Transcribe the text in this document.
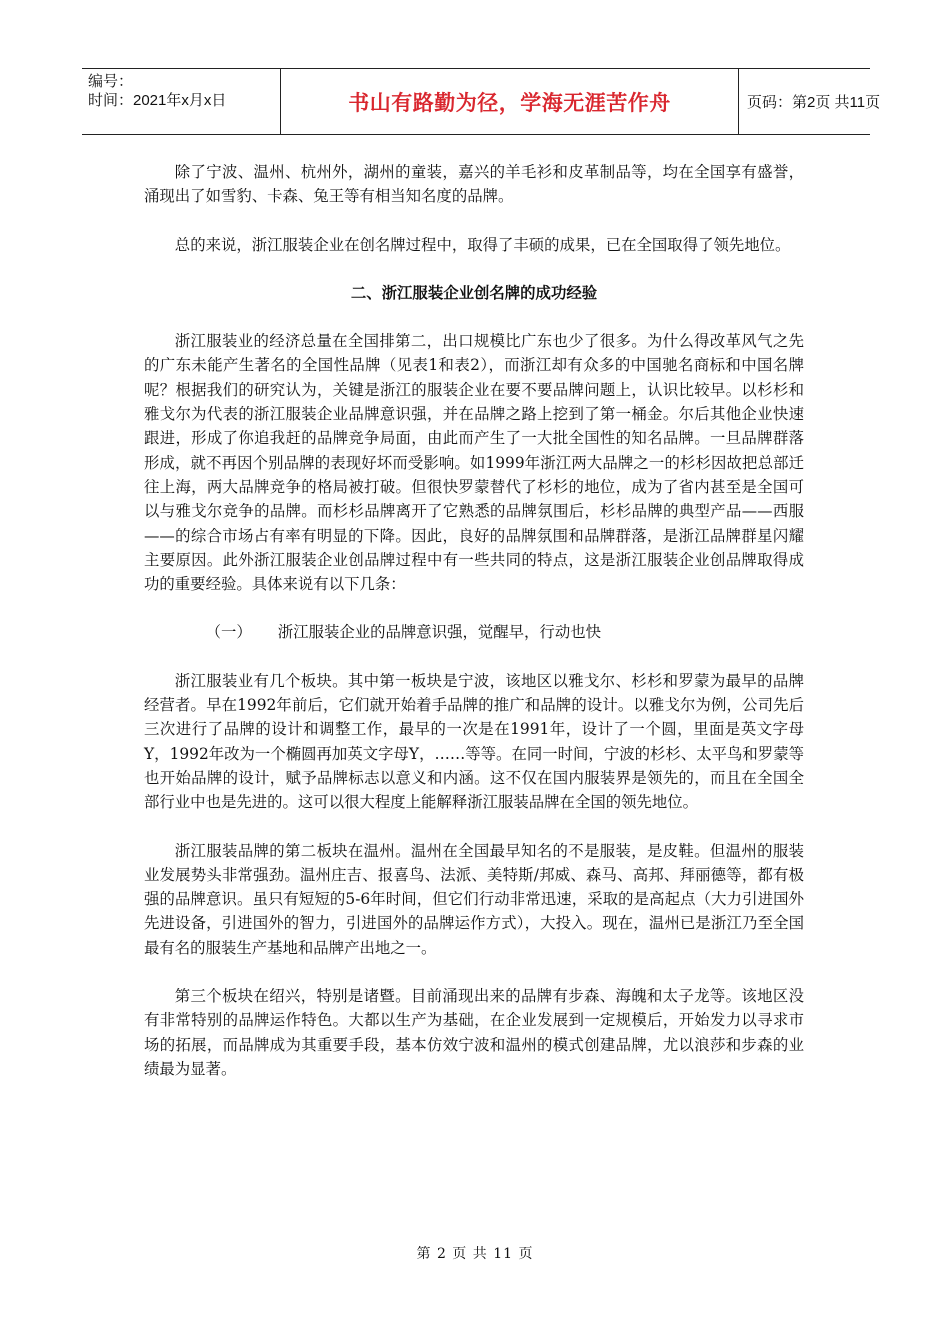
编号：
时间：2021年x月x日	书山有路勤为径，学海无涯苦作舟	页码：第2页 共11页

除了宁波、温州、杭州外，湖州的童装，嘉兴的羊毛衫和皮革制品等，均在全国享有盛誉，涌现出了如雪豹、卡森、兔王等有相当知名度的品牌。

总的来说，浙江服装企业在创名牌过程中，取得了丰硕的成果，已在全国取得了领先地位。

二、浙江服装企业创名牌的成功经验

浙江服装业的经济总量在全国排第二，出口规模比广东也少了很多。为什么得改革风气之先的广东未能产生著名的全国性品牌（见表1和表2），而浙江却有众多的中国驰名商标和中国名牌呢？根据我们的研究认为，关键是浙江的服装企业在要不要品牌问题上，认识比较早。以杉杉和雅戈尔为代表的浙江服装企业品牌意识强，并在品牌之路上挖到了第一桶金。尔后其他企业快速跟进，形成了你追我赶的品牌竞争局面，由此而产生了一大批全国性的知名品牌。一旦品牌群落形成，就不再因个别品牌的表现好坏而受影响。如1999年浙江两大品牌之一的杉杉因故把总部迁往上海，两大品牌竞争的格局被打破。但很快罗蒙替代了杉杉的地位，成为了省内甚至是全国可以与雅戈尔竞争的品牌。而杉杉品牌离开了它熟悉的品牌氛围后，杉杉品牌的典型产品——西服——的综合市场占有率有明显的下降。因此，良好的品牌氛围和品牌群落，是浙江品牌群星闪耀主要原因。此外浙江服装企业创品牌过程中有一些共同的特点，这是浙江服装企业创品牌取得成功的重要经验。具体来说有以下几条：

（一） 浙江服装企业的品牌意识强，觉醒早，行动也快

浙江服装业有几个板块。其中第一板块是宁波，该地区以雅戈尔、杉杉和罗蒙为最早的品牌经营者。早在1992年前后，它们就开始着手品牌的推广和品牌的设计。以雅戈尔为例，公司先后三次进行了品牌的设计和调整工作，最早的一次是在1991年，设计了一个圆，里面是英文字母Y，1992年改为一个椭圆再加英文字母Y，……等等。在同一时间，宁波的杉杉、太平鸟和罗蒙等也开始品牌的设计，赋予品牌标志以意义和内涵。这不仅在国内服装界是领先的，而且在全国全部行业中也是先进的。这可以很大程度上能解释浙江服装品牌在全国的领先地位。

浙江服装品牌的第二板块在温州。温州在全国最早知名的不是服装，是皮鞋。但温州的服装业发展势头非常强劲。温州庄吉、报喜鸟、法派、美特斯/邦威、森马、高邦、拜丽德等，都有极强的品牌意识。虽只有短短的5-6年时间，但它们行动非常迅速，采取的是高起点（大力引进国外先进设备，引进国外的智力，引进国外的品牌运作方式），大投入。现在，温州已是浙江乃至全国最有名的服装生产基地和品牌产出地之一。

第三个板块在绍兴，特别是诸暨。目前涌现出来的品牌有步森、海魄和太子龙等。该地区没有非常特别的品牌运作特色。大都以生产为基础，在企业发展到一定规模后，开始发力以寻求市场的拓展，而品牌成为其重要手段，基本仿效宁波和温州的模式创建品牌，尤以浪莎和步森的业绩最为显著。

第 2 页 共 11 页
